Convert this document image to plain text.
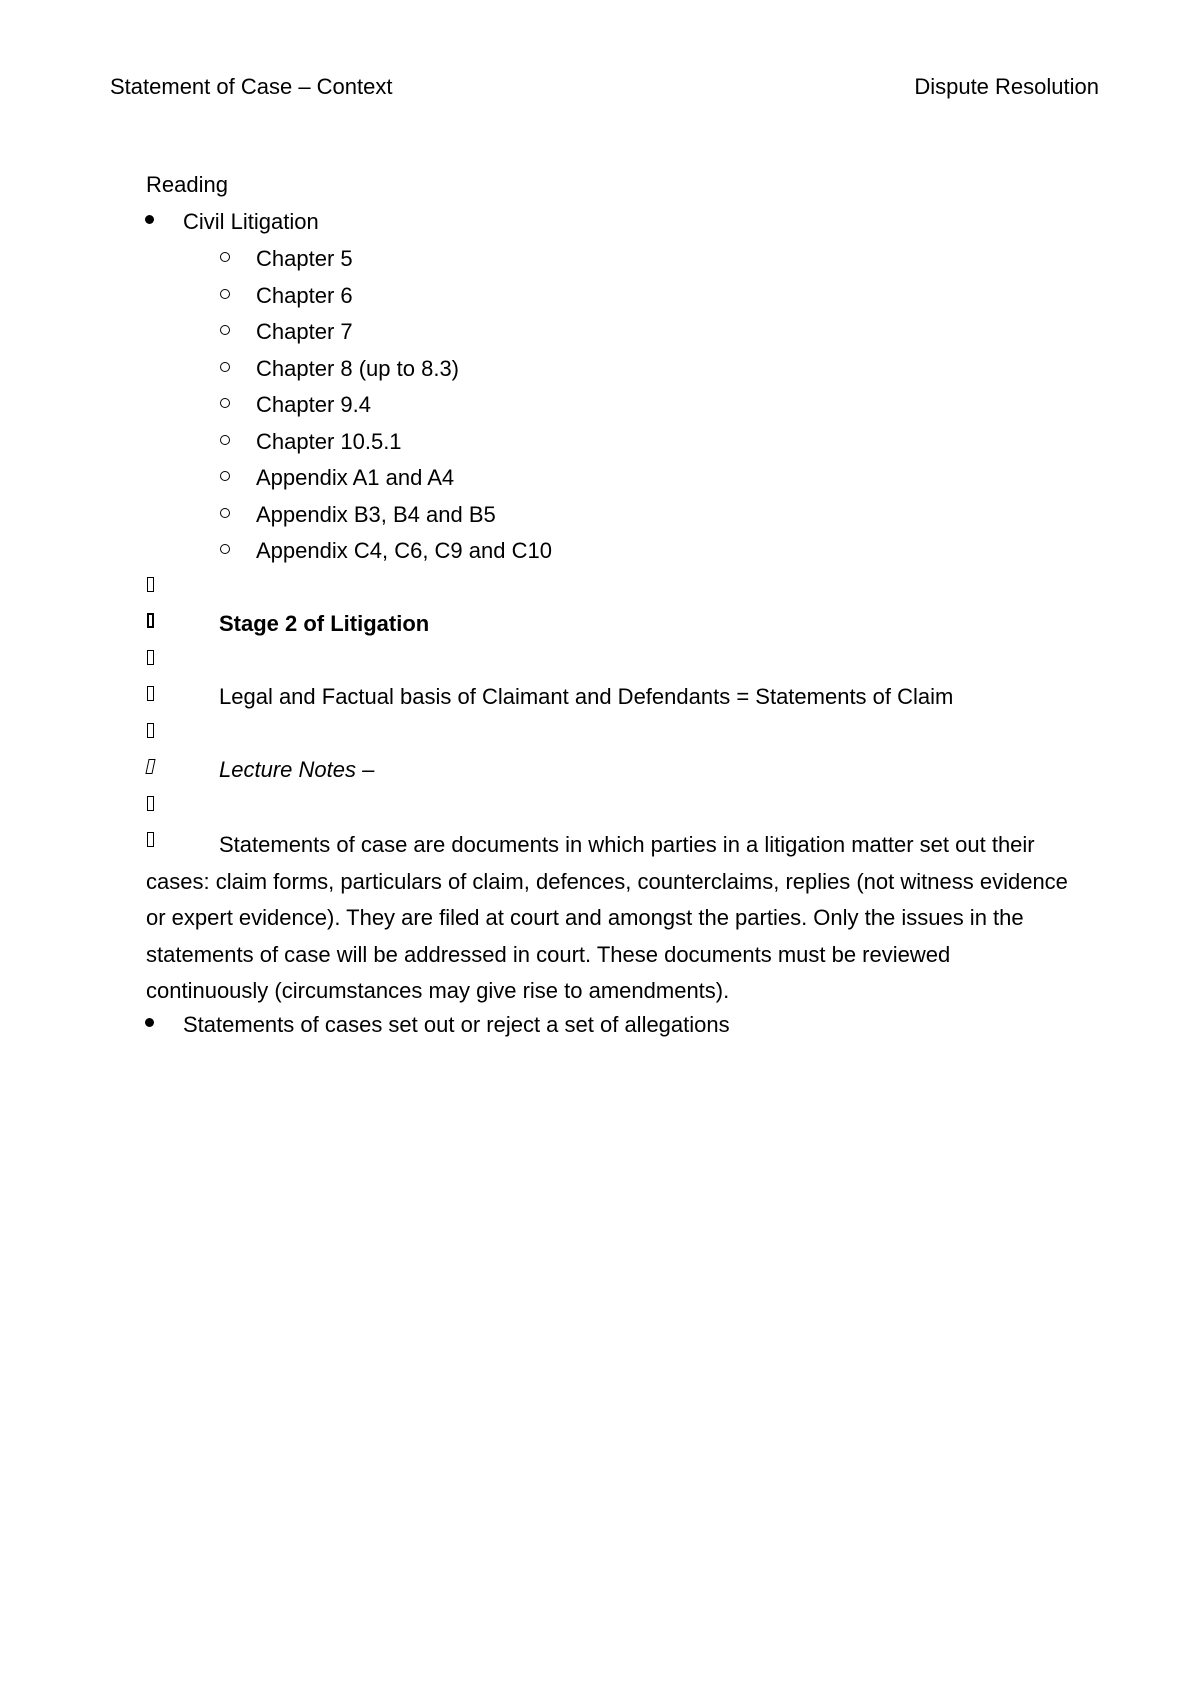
Statement of Case – Context	Dispute Resolution
Reading
Civil Litigation
Chapter 5
Chapter 6
Chapter 7
Chapter 8 (up to 8.3)
Chapter 9.4
Chapter 10.5.1
Appendix A1 and A4
Appendix B3, B4 and B5
Appendix C4, C6, C9 and C10
Stage 2 of Litigation
Legal and Factual basis of Claimant and Defendants = Statements of Claim
Lecture Notes –
Statements of case are documents in which parties in a litigation matter set out their cases: claim forms, particulars of claim, defences, counterclaims, replies (not witness evidence or expert evidence). They are filed at court and amongst the parties. Only the issues in the statements of case will be addressed in court. These documents must be reviewed continuously (circumstances may give rise to amendments).
Statements of cases set out or reject a set of allegations
